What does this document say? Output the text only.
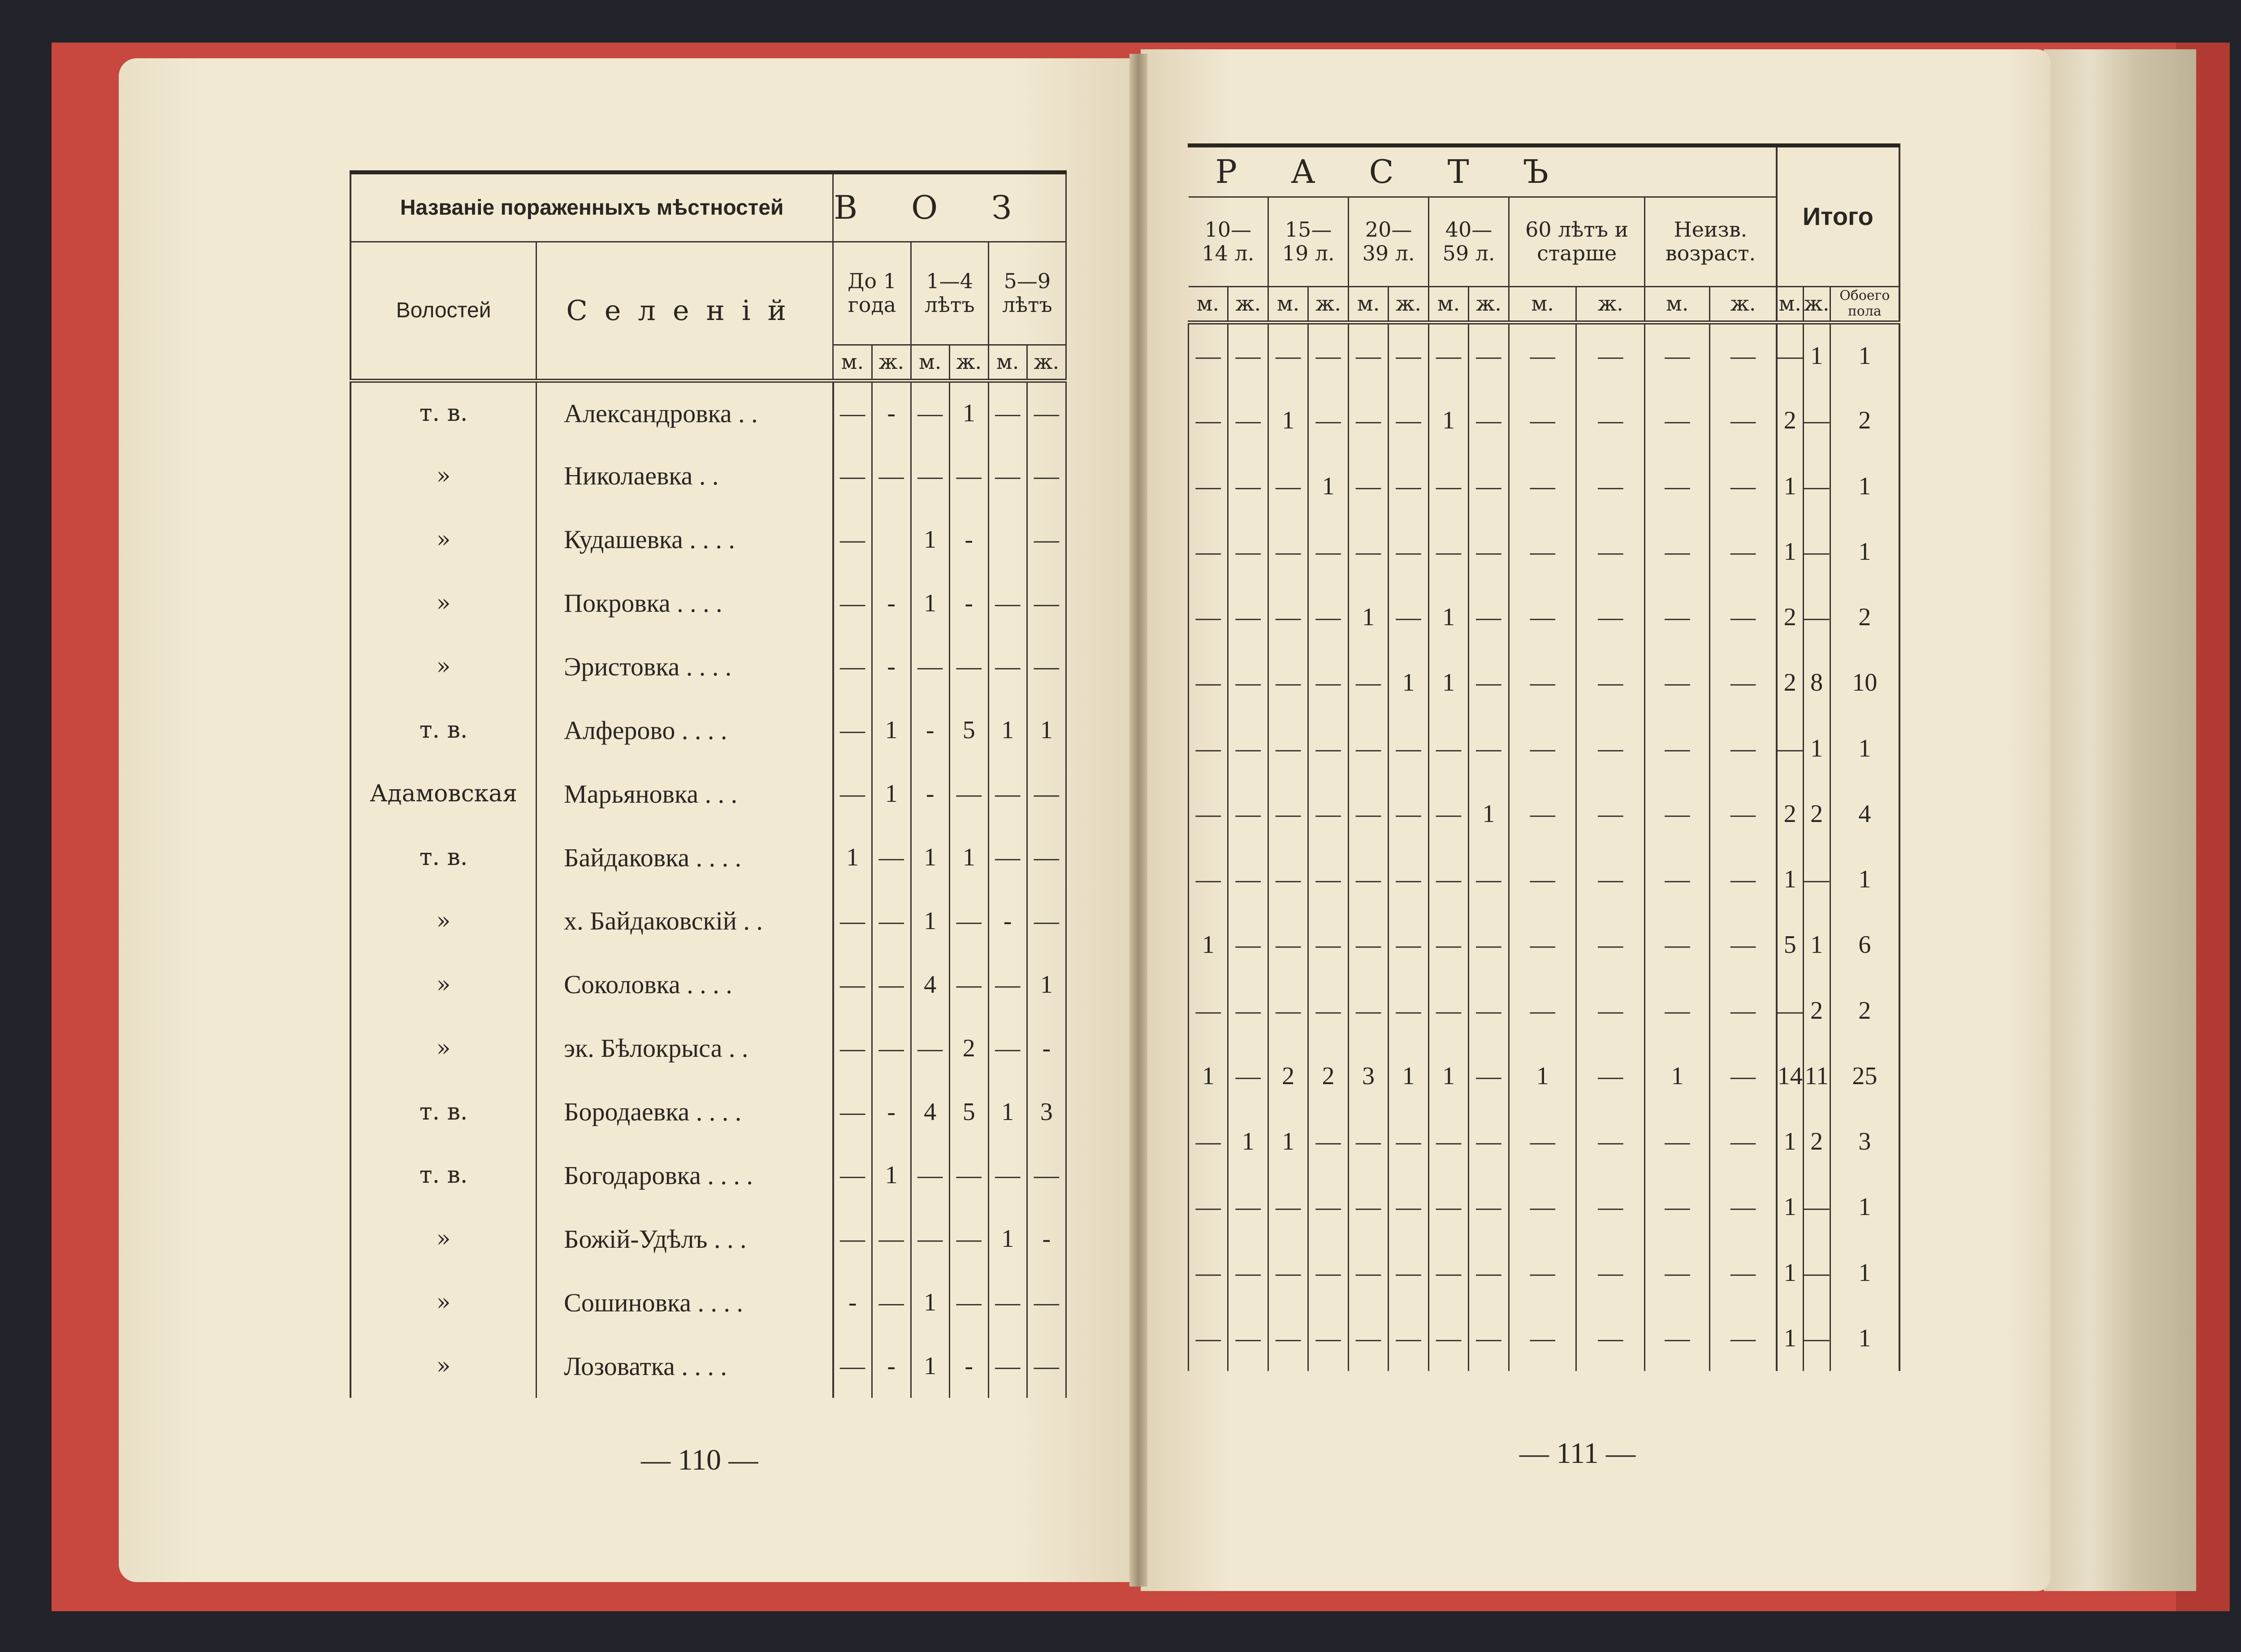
Названіе пораженныхъ мѣстностей		ВОЗ					
Волостей	Селеній	До 1 года		1—4 лѣтъ		5—9 лѣтъ	
		м.	ж.	м.	ж.	м.	ж.
т. в.	Александровка . .	—	-	—	1	—	—
»	Николаевка . .	—	—	—	—	—	—
»	Кудашевка . . . .	—		1	-		—
»	Покровка . . . .	—	-	1	-	—	—
»	Эристовка . . . .	—	-	—	—	—	—
т. в.	Алферово . . . .	—	1	-	5	1	1
Адамовская	Марьяновка . . .	—	1	-	—	—	—
т. в.	Байдаковка . . . .	1	—	1	1	—	—
»	х. Байдаковскій . .	—	—	1	—	-	—
»	Соколовка . . . .	—	—	4	—	—	1
»	эк. Бѣлокрыса . .	—	—	—	2	—	-
т. в.	Бородаевка . . . .	—	-	4	5	1	3
т. в.	Богодаровка . . . .	—	1	—	—	—	—
»	Божій-Удѣлъ . . .	—	—	—	—	1	-
»	Сошиновка . . . .	-	—	1	—	—	—
»	Лозоватка . . . .	—	-	1	-	—	—
РАСТЪ												Итого		
10— 14 л.		15— 19 л.		20— 39 л.		40— 59 л.		60 лѣтъ и старше		Неизв. возраст.				
м.	ж.	м.	ж.	м.	ж.	м.	ж.	м.	ж.	м.	ж.	м.	ж.	Обоего пола
—	—	—	—	—	—	—	—	—	—	—	—	—	1	1
—	—	1	—	—	—	1	—	—	—	—	—	2	—	2
—	—	—	1	—	—	—	—	—	—	—	—	1	—	1
—	—	—	—	—	—	—	—	—	—	—	—	1	—	1
—	—	—	—	1	—	1	—	—	—	—	—	2	—	2
—	—	—	—	—	1	1	—	—	—	—	—	2	8	10
—	—	—	—	—	—	—	—	—	—	—	—	—	1	1
—	—	—	—	—	—	—	1	—	—	—	—	2	2	4
—	—	—	—	—	—	—	—	—	—	—	—	1	—	1
1	—	—	—	—	—	—	—	—	—	—	—	5	1	6
—	—	—	—	—	—	—	—	—	—	—	—	—	2	2
1	—	2	2	3	1	1	—	1	—	1	—	14	11	25
—	1	1	—	—	—	—	—	—	—	—	—	1	2	3
—	—	—	—	—	—	—	—	—	—	—	—	1	—	1
—	—	—	—	—	—	—	—	—	—	—	—	1	—	1
—	—	—	—	—	—	—	—	—	—	—	—	1	—	1
— 110 —	— 111 —
